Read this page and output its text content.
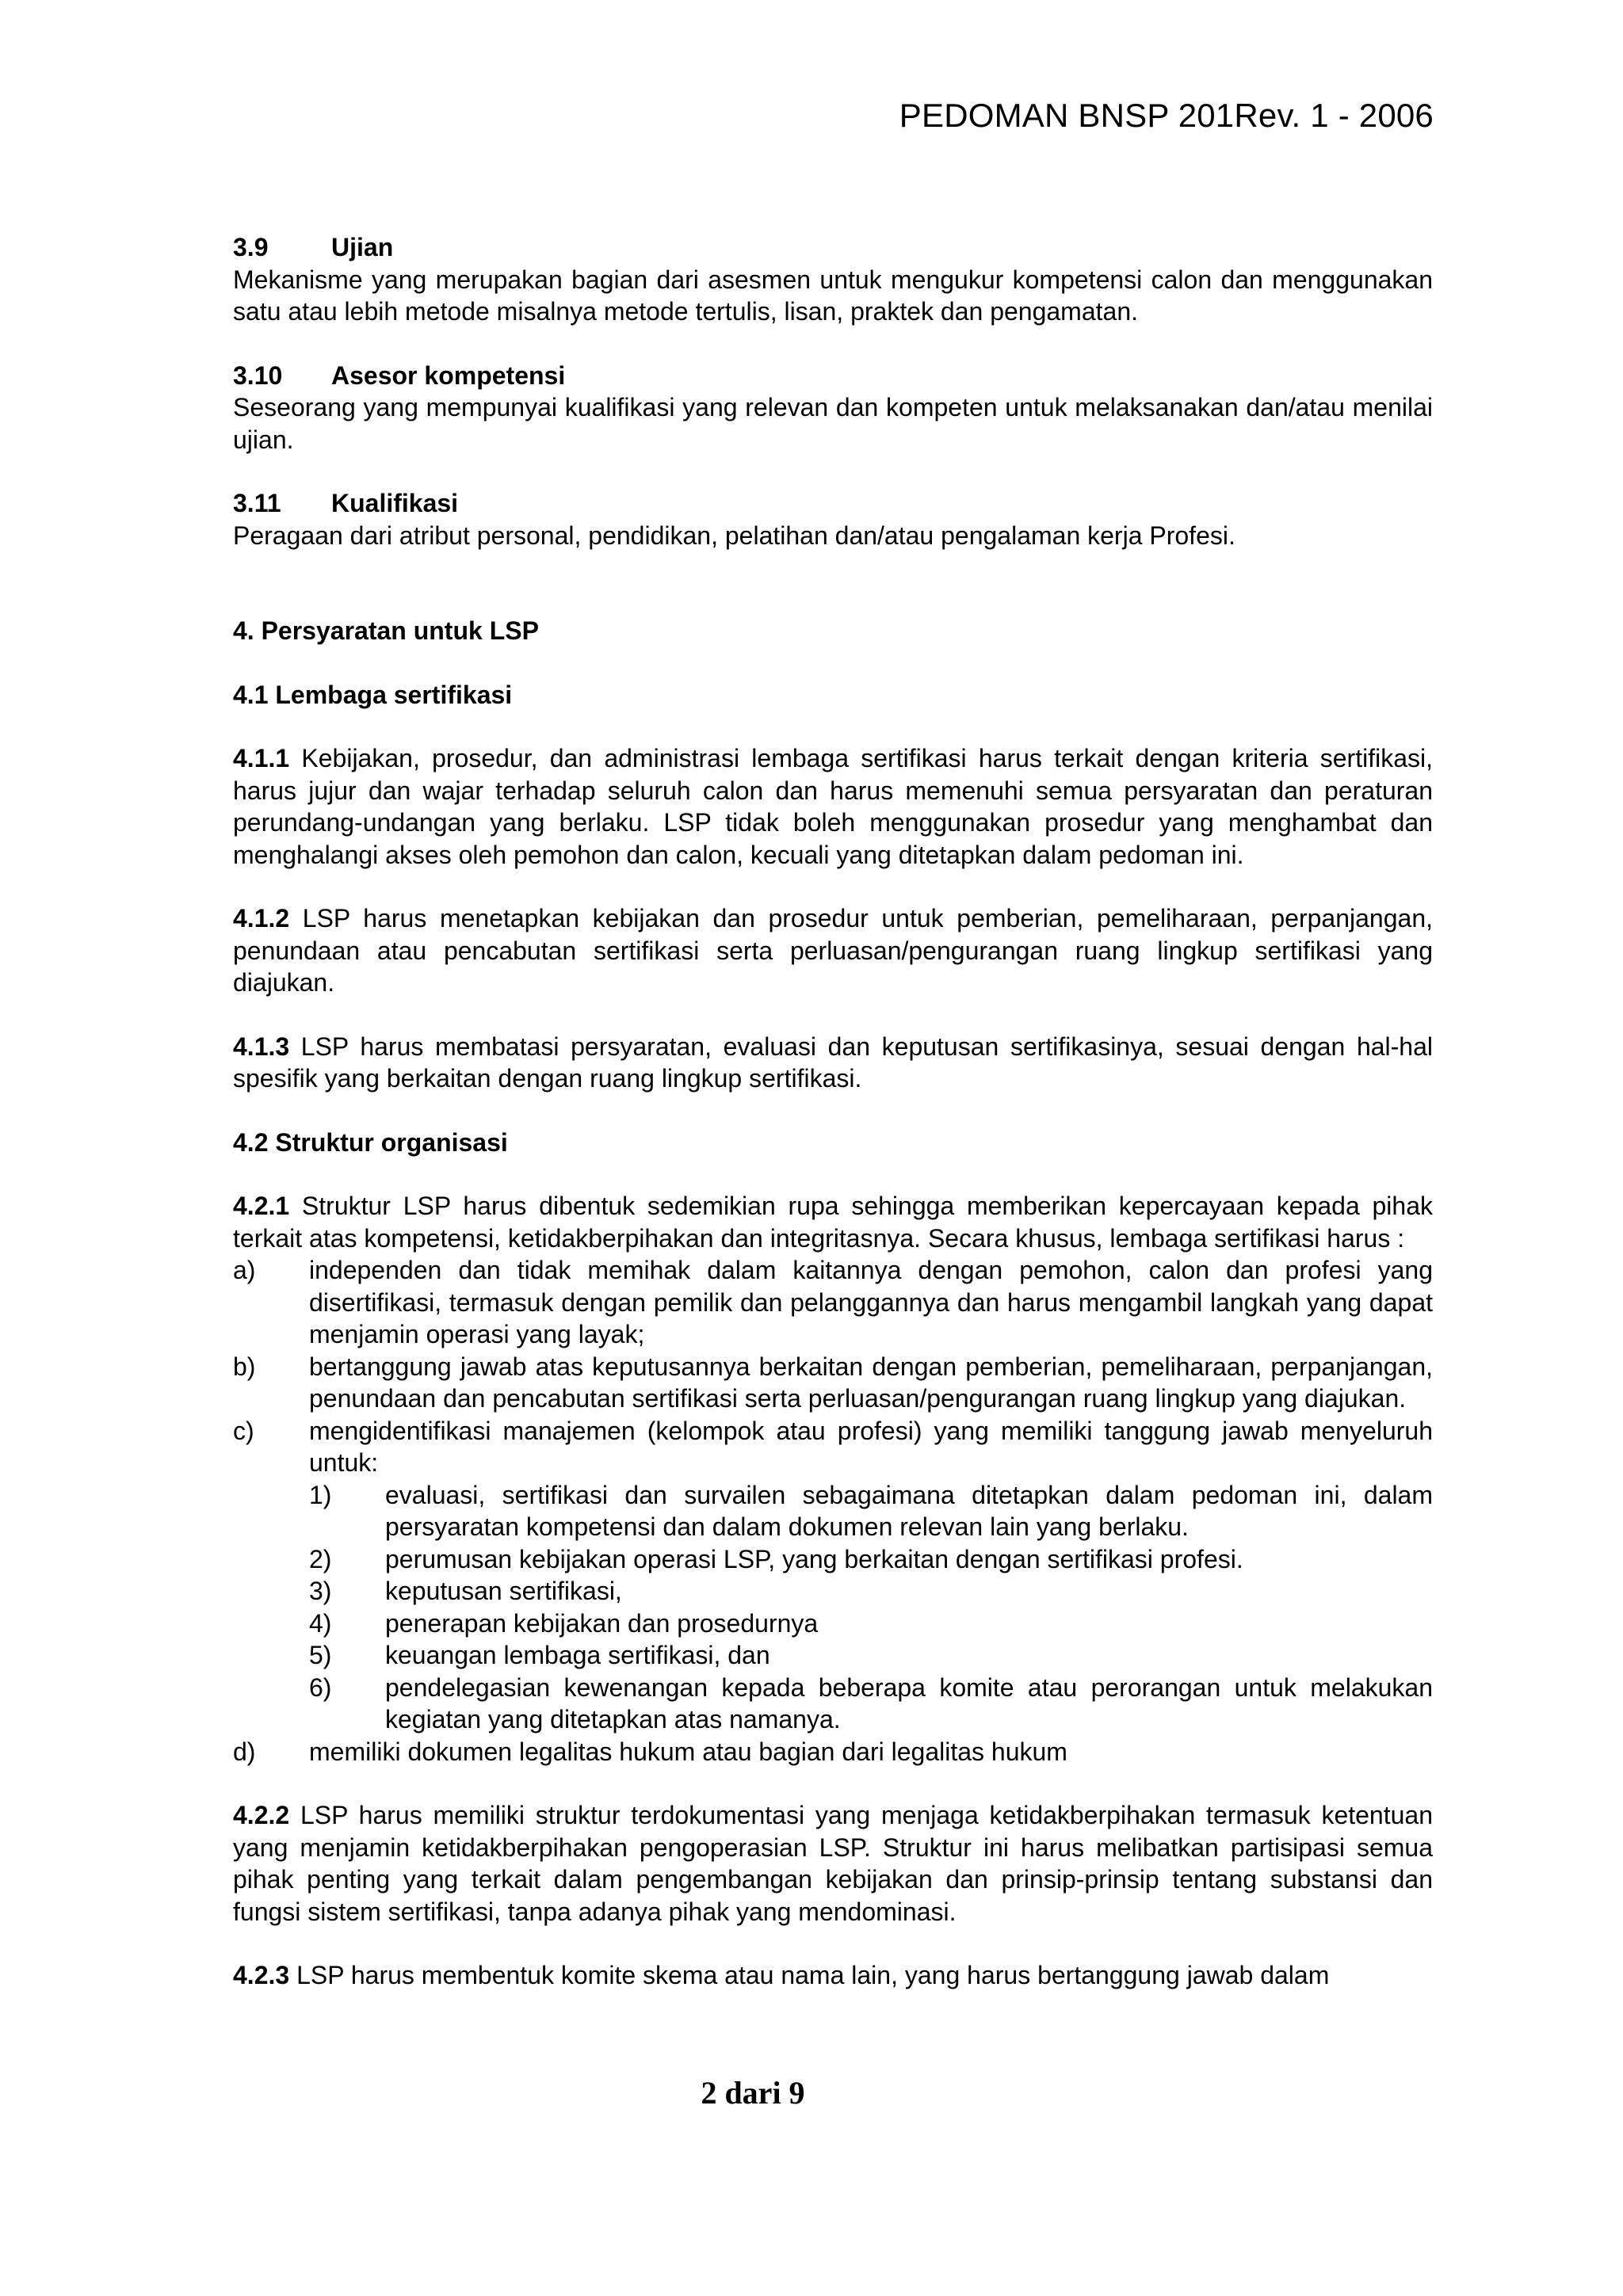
PEDOMAN BNSP 201Rev. 1 - 2006
3.9	Ujian

Mekanisme yang merupakan bagian dari asesmen untuk mengukur kompetensi calon dan menggunakan satu atau lebih metode misalnya metode tertulis, lisan, praktek dan pengamatan.

3.10	Asesor kompetensi

Seseorang yang mempunyai kualifikasi yang relevan dan kompeten untuk melaksanakan dan/atau menilai ujian.

3.11	Kualifikasi

Peragaan dari atribut personal, pendidikan, pelatihan dan/atau pengalaman kerja Profesi.

4. Persyaratan untuk LSP
4.1 Lembaga sertifikasi

4.1.1 Kebijakan, prosedur, dan administrasi lembaga sertifikasi harus terkait dengan kriteria sertifikasi, harus jujur dan wajar terhadap seluruh calon dan harus memenuhi semua persyaratan dan peraturan perundang-undangan yang berlaku. LSP tidak boleh menggunakan prosedur yang menghambat dan menghalangi akses oleh pemohon dan calon, kecuali yang ditetapkan dalam pedoman ini.

4.1.2 LSP harus menetapkan kebijakan dan prosedur untuk pemberian, pemeliharaan, perpanjangan, penundaan atau pencabutan sertifikasi serta perluasan/pengurangan ruang lingkup sertifikasi yang diajukan.

4.1.3 LSP harus membatasi persyaratan, evaluasi dan keputusan sertifikasinya, sesuai dengan hal-hal spesifik yang berkaitan dengan ruang lingkup sertifikasi.

4.2 Struktur organisasi

4.2.1 Struktur LSP harus dibentuk sedemikian rupa sehingga memberikan kepercayaan kepada pihak terkait atas kompetensi, ketidakberpihakan dan integritasnya. Secara khusus, lembaga sertifikasi harus :

a)	independen dan tidak memihak dalam kaitannya dengan pemohon, calon dan profesi yang disertifikasi, termasuk dengan pemilik dan pelanggannya dan harus mengambil langkah yang dapat menjamin operasi yang layak;
b)	bertanggung jawab atas keputusannya berkaitan dengan pemberian, pemeliharaan, perpanjangan, penundaan dan pencabutan sertifikasi serta perluasan/pengurangan ruang lingkup yang diajukan.
c)	mengidentifikasi manajemen (kelompok atau profesi) yang memiliki tanggung jawab menyeluruh untuk:
1)	evaluasi, sertifikasi dan survailen sebagaimana ditetapkan dalam pedoman ini, dalam persyaratan kompetensi dan dalam dokumen relevan lain yang berlaku.
2)	perumusan kebijakan operasi LSP, yang berkaitan dengan sertifikasi profesi.
3)	keputusan sertifikasi,
4)	penerapan kebijakan dan prosedurnya
5)	keuangan lembaga sertifikasi, dan
6)	pendelegasian kewenangan kepada beberapa komite atau perorangan untuk melakukan kegiatan yang ditetapkan atas namanya.
d)	memiliki dokumen legalitas hukum atau bagian dari legalitas hukum

4.2.2 LSP harus memiliki struktur terdokumentasi yang menjaga ketidakberpihakan termasuk ketentuan yang menjamin ketidakberpihakan pengoperasian LSP. Struktur ini harus melibatkan partisipasi semua pihak penting yang terkait dalam pengembangan kebijakan dan prinsip-prinsip tentang substansi dan fungsi sistem sertifikasi, tanpa adanya pihak yang mendominasi.

4.2.3 LSP harus membentuk komite skema atau nama lain, yang harus bertanggung jawab dalam

2 dari 9
